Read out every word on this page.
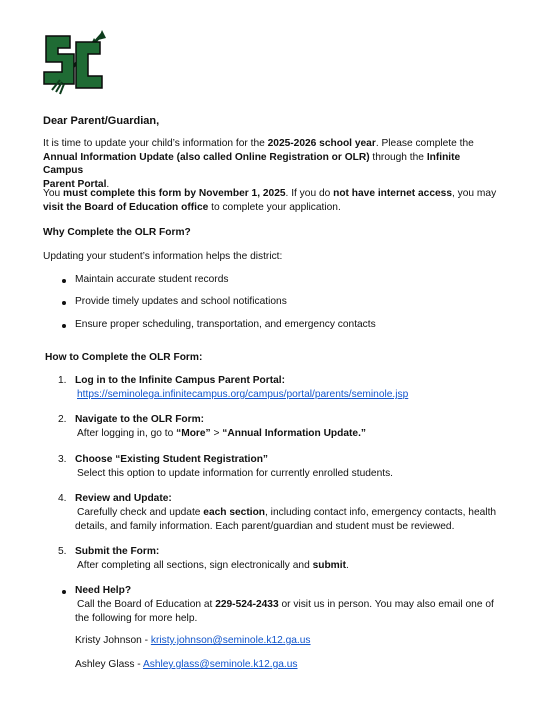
Dear Parent/Guardian,
It is time to update your child’s information for the 2025-2026 school year. Please complete the
Annual Information Update (also called Online Registration or OLR) through the Infinite Campus
Parent Portal.
You must complete this form by November 1, 2025. If you do not have internet access, you may
visit the Board of Education office to complete your application.
Why Complete the OLR Form?
Updating your student’s information helps the district:
Maintain accurate student records
Provide timely updates and school notifications
Ensure proper scheduling, transportation, and emergency contacts
How to Complete the OLR Form:
1. Log in to the Infinite Campus Parent Portal:
https://seminolega.infinitecampus.org/campus/portal/parents/seminole.jsp
2. Navigate to the OLR Form:
After logging in, go to “More” > “Annual Information Update.”
3. Choose “Existing Student Registration”
Select this option to update information for currently enrolled students.
4. Review and Update:
Carefully check and update each section, including contact info, emergency contacts, health
details, and family information. Each parent/guardian and student must be reviewed.
5. Submit the Form:
After completing all sections, sign electronically and submit.
Need Help?
Call the Board of Education at 229-524-2433 or visit us in person. You may also email one of
the following for more help.
Kristy Johnson - kristy.johnson@seminole.k12.ga.us
Ashley Glass - Ashley.glass@seminole.k12.ga.us
